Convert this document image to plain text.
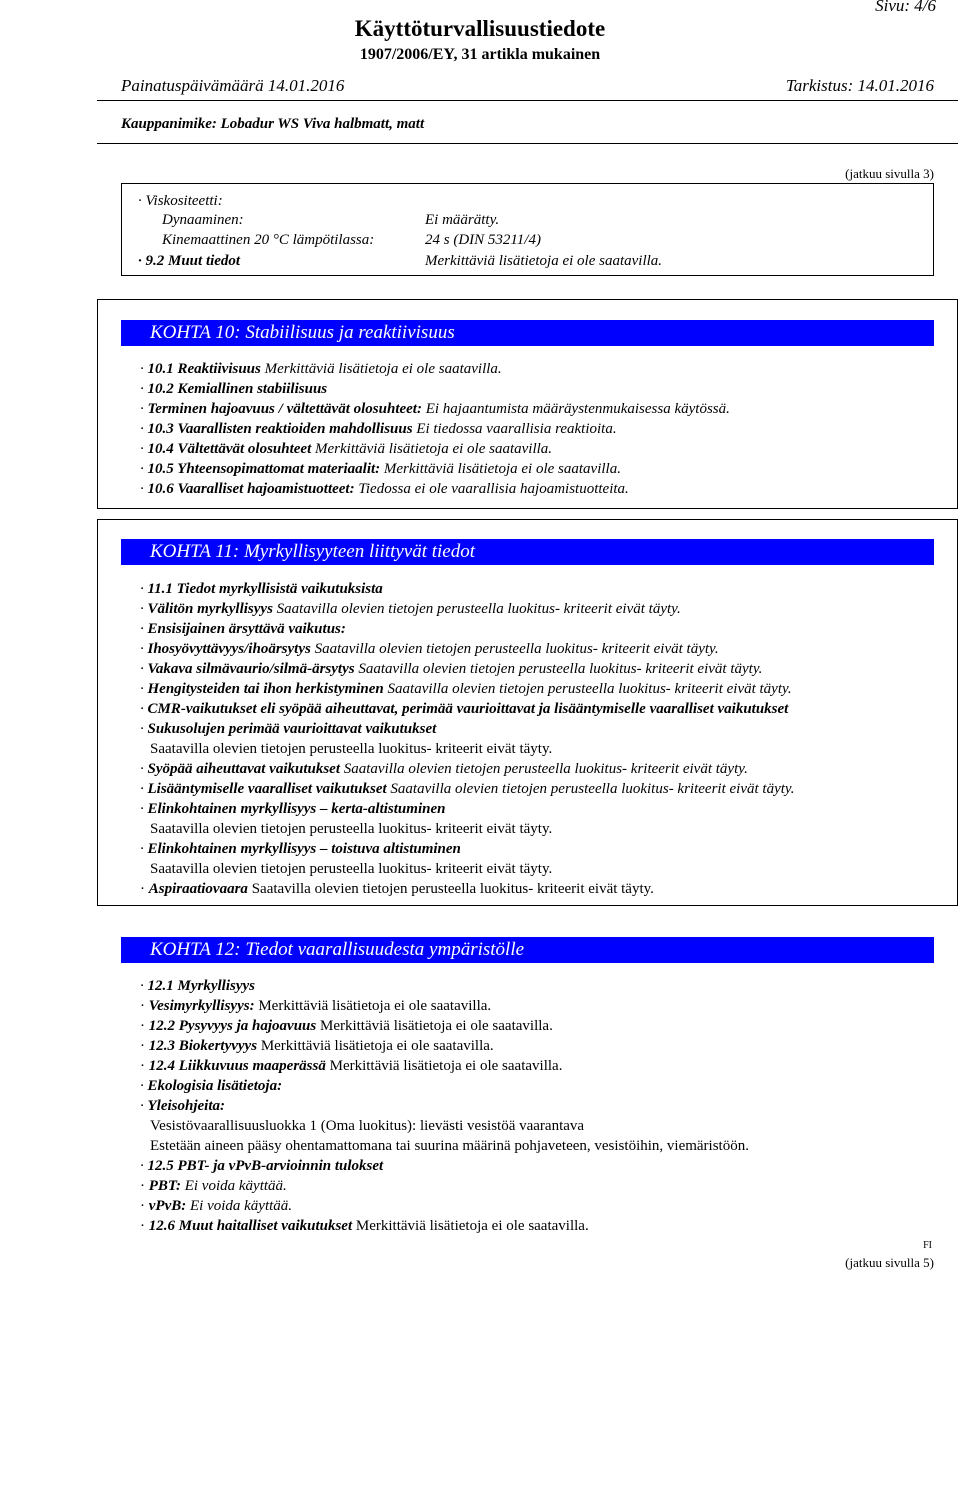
Sivu: 4/6
Käyttöturvallisuustiedote
1907/2006/EY, 31 artikla mukainen
Painatuspäivämäärä 14.01.2016	Tarkistus: 14.01.2016
Kauppanimike: Lobadur WS Viva halbmatt, matt
(jatkuu sivulla 3)
· Viskositeetti:
Dynaaminen:	Ei määrätty.
Kinemaattinen 20 °C lämpötilassa:	24 s (DIN 53211/4)
· 9.2 Muut tiedot	Merkittäviä lisätietoja ei ole saatavilla.
KOHTA 10: Stabiilisuus ja reaktiivisuus
· 10.1 Reaktiivisuus Merkittäviä lisätietoja ei ole saatavilla.
· 10.2 Kemiallinen stabiilisuus
· Terminen hajoavuus / vältettävät olosuhteet: Ei hajaantumista määräystenmukaisessa käytössä.
· 10.3 Vaarallisten reaktioiden mahdollisuus Ei tiedossa vaarallisia reaktioita.
· 10.4 Vältettävät olosuhteet Merkittäviä lisätietoja ei ole saatavilla.
· 10.5 Yhteensopimattomat materiaalit: Merkittäviä lisätietoja ei ole saatavilla.
· 10.6 Vaaralliset hajoamistuotteet: Tiedossa ei ole vaarallisia hajoamistuotteita.
KOHTA 11: Myrkyllisyyteen liittyvät tiedot
· 11.1 Tiedot myrkyllisistä vaikutuksista
· Välitön myrkyllisyys Saatavilla olevien tietojen perusteella luokitus- kriteerit eivät täyty.
· Ensisijainen ärsyttävä vaikutus:
· Ihosyövyttävyys/ihoärsytys Saatavilla olevien tietojen perusteella luokitus- kriteerit eivät täyty.
· Vakava silmävaurio/silmä-ärsytys Saatavilla olevien tietojen perusteella luokitus- kriteerit eivät täyty.
· Hengitysteiden tai ihon herkistyminen Saatavilla olevien tietojen perusteella luokitus- kriteerit eivät täyty.
· CMR-vaikutukset eli syöpää aiheuttavat, perimää vaurioittavat ja lisääntymiselle vaaralliset vaikutukset
· Sukusolujen perimää vaurioittavat vaikutukset
Saatavilla olevien tietojen perusteella luokitus- kriteerit eivät täyty.
· Syöpää aiheuttavat vaikutukset Saatavilla olevien tietojen perusteella luokitus- kriteerit eivät täyty.
· Lisääntymiselle vaaralliset vaikutukset Saatavilla olevien tietojen perusteella luokitus- kriteerit eivät täyty.
· Elinkohtainen myrkyllisyys – kerta-altistuminen
Saatavilla olevien tietojen perusteella luokitus- kriteerit eivät täyty.
· Elinkohtainen myrkyllisyys – toistuva altistuminen
Saatavilla olevien tietojen perusteella luokitus- kriteerit eivät täyty.
· Aspiraatiovaara Saatavilla olevien tietojen perusteella luokitus- kriteerit eivät täyty.
KOHTA 12: Tiedot vaarallisuudesta ympäristölle
· 12.1 Myrkyllisyys
· Vesimyrkyllisyys: Merkittäviä lisätietoja ei ole saatavilla.
· 12.2 Pysyvyys ja hajoavuus Merkittäviä lisätietoja ei ole saatavilla.
· 12.3 Biokertyvyys Merkittäviä lisätietoja ei ole saatavilla.
· 12.4 Liikkuvuus maaperässä Merkittäviä lisätietoja ei ole saatavilla.
· Ekologisia lisätietoja:
· Yleisohjeita:
Vesistövaarallisuusluokka 1 (Oma luokitus): lievästi vesistöä vaarantava
Estetään aineen pääsy ohentamattomana tai suurina määrinä pohjaveteen, vesistöihin, viemäristöön.
· 12.5 PBT- ja vPvB-arvioinnin tulokset
· PBT: Ei voida käyttää.
· vPvB: Ei voida käyttää.
· 12.6 Muut haitalliset vaikutukset Merkittäviä lisätietoja ei ole saatavilla.
FI
(jatkuu sivulla 5)
